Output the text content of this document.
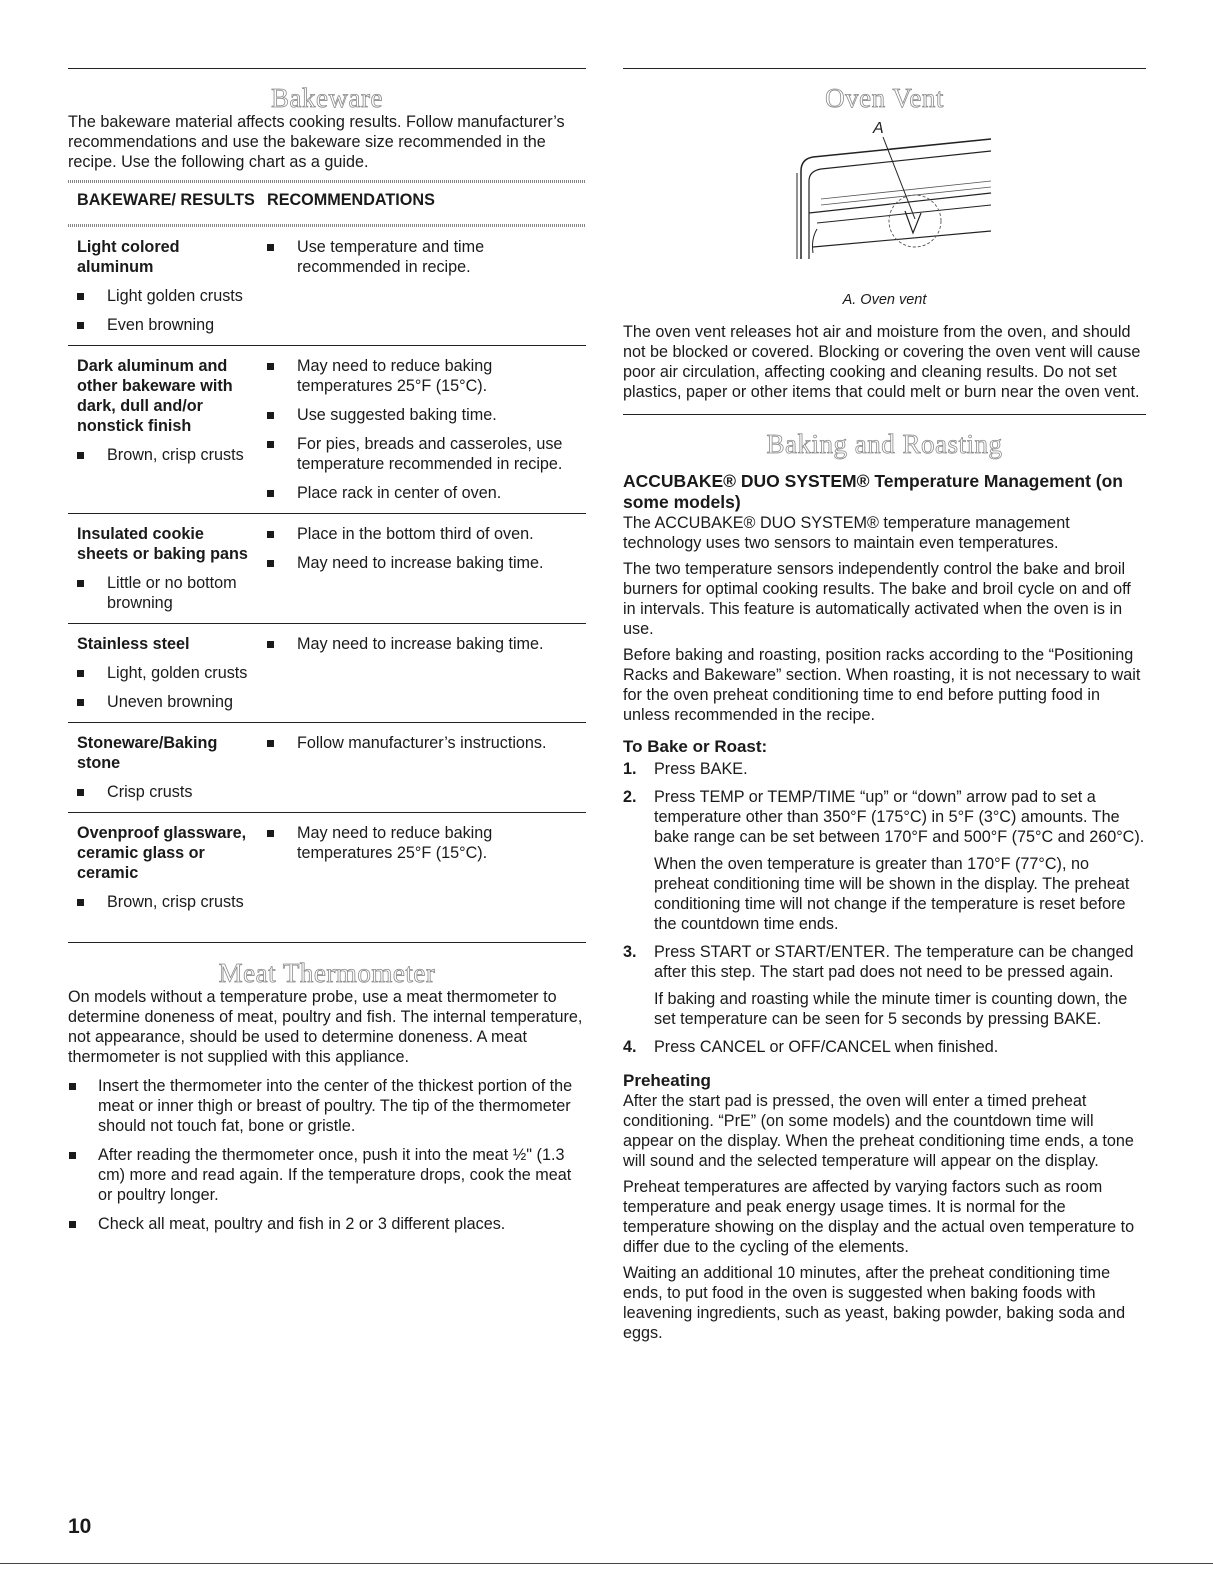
Bakeware

The bakeware material affects cooking results. Follow manufacturer’s recommendations and use the bakeware size recommended in the recipe. Use the following chart as a guide.

BAKEWARE/ RESULTS RECOMMENDATIONS
Light colored aluminum
Light golden crusts
Even browning
Use temperature and time recommended in recipe.
Dark aluminum and other bakeware with dark, dull and/or nonstick finish
Brown, crisp crusts
May need to reduce baking temperatures 25°F (15°C).
Use suggested baking time.
For pies, breads and casseroles, use temperature recommended in recipe.
Place rack in center of oven.
Insulated cookie sheets or baking pans
Little or no bottom browning
Place in the bottom third of oven.
May need to increase baking time.
Stainless steel
Light, golden crusts
Uneven browning
May need to increase baking time.
Stoneware/Baking stone
Crisp crusts
Follow manufacturer’s instructions.
Ovenproof glassware, ceramic glass or ceramic
Brown, crisp crusts
May need to reduce baking temperatures 25°F (15°C).
Meat Thermometer

On models without a temperature probe, use a meat thermometer to determine doneness of meat, poultry and fish. The internal temperature, not appearance, should be used to determine doneness. A meat thermometer is not supplied with this appliance.

Insert the thermometer into the center of the thickest portion of the meat or inner thigh or breast of poultry. The tip of the thermometer should not touch fat, bone or gristle.
After reading the thermometer once, push it into the meat ½" (1.3 cm) more and read again. If the temperature drops, cook the meat or poultry longer.
Check all meat, poultry and fish in 2 or 3 different places.
Oven Vent
A
A. Oven vent

The oven vent releases hot air and moisture from the oven, and should not be blocked or covered. Blocking or covering the oven vent will cause poor air circulation, affecting cooking and cleaning results. Do not set plastics, paper or other items that could melt or burn near the oven vent.

Baking and Roasting
ACCUBAKE® DUO SYSTEM® Temperature Management (on some models)

The ACCUBAKE® DUO SYSTEM® temperature management technology uses two sensors to maintain even temperatures.

The two temperature sensors independently control the bake and broil burners for optimal cooking results. The bake and broil cycle on and off in intervals. This feature is automatically activated when the oven is in use.

Before baking and roasting, position racks according to the “Positioning Racks and Bakeware” section. When roasting, it is not necessary to wait for the oven preheat conditioning time to end before putting food in unless recommended in the recipe.

To Bake or Roast:
1. Press BAKE.

2. Press TEMP or TEMP/TIME “up” or “down” arrow pad to set a temperature other than 350°F (175°C) in 5°F (3°C) amounts. The bake range can be set between 170°F and 500°F (75°C and 260°C).

When the oven temperature is greater than 170°F (77°C), no preheat conditioning time will be shown in the display. The preheat conditioning time will not change if the temperature is reset before the countdown time ends.

3. Press START or START/ENTER. The temperature can be changed after this step. The start pad does not need to be pressed again.

If baking and roasting while the minute timer is counting down, the set temperature can be seen for 5 seconds by pressing BAKE.

4. Press CANCEL or OFF/CANCEL when finished.

Preheating

After the start pad is pressed, the oven will enter a timed preheat conditioning. “PrE” (on some models) and the countdown time will appear on the display. When the preheat conditioning time ends, a tone will sound and the selected temperature will appear on the display.

Preheat temperatures are affected by varying factors such as room temperature and peak energy usage times. It is normal for the temperature showing on the display and the actual oven temperature to differ due to the cycling of the elements.

Waiting an additional 10 minutes, after the preheat conditioning time ends, to put food in the oven is suggested when baking foods with leavening ingredients, such as yeast, baking powder, baking soda and eggs.

10
